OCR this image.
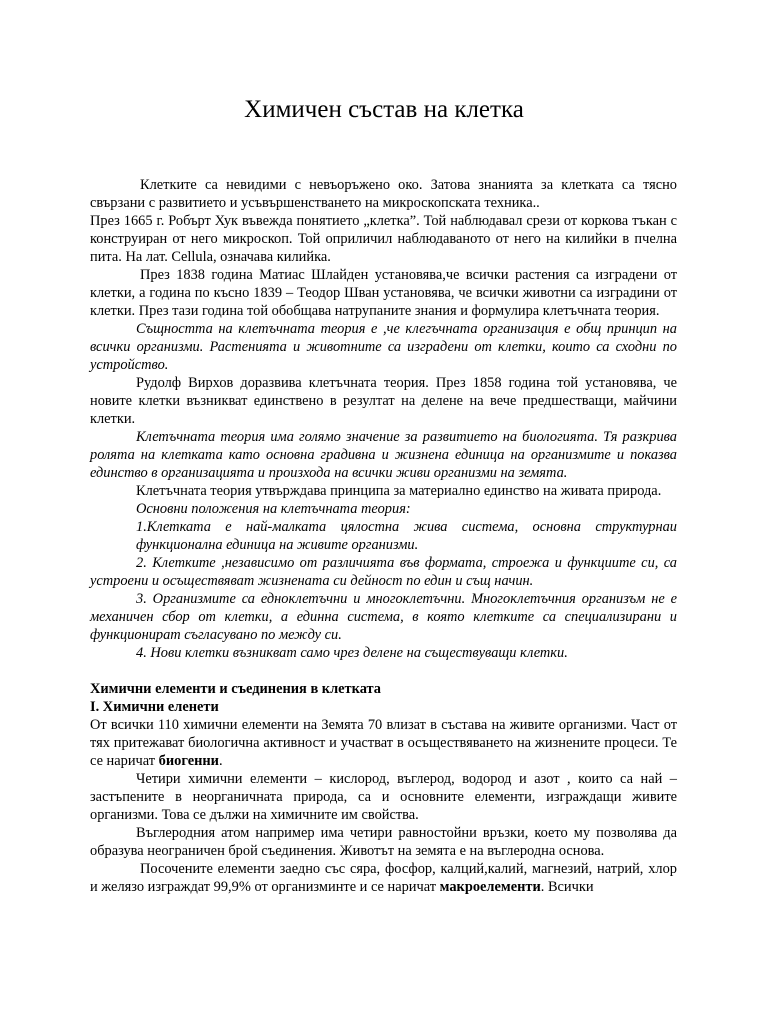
Химичен състав на клетка

Клетките са невидими с невъоръжено око. Затова знанията за клетката са тясно свързани с развитието и усъвършенстването на микроскопската техника..

През 1665 г. Робърт Хук въвежда понятието „клетка”. Той наблюдавал срези от коркова тъкан с конструиран от него микроскоп. Той оприличил наблюдаваното от него на килийки в пчелна пита. На лат. Cellula, означава килийка.

През 1838 година Матиас Шлайден установява,че всички растения са изградени от клетки, а година по късно 1839 – Теодор Шван установява, че всички животни са изградини от клетки. През тази година той обобщава натрупаните знания и формулира клетъчната теория.

Същността на клетъчната теория е ,че клегъчната организация е общ принцип на всички организми. Растенията и животните са изградени от клетки, които са сходни по устройство.

Рудолф Вирхов доразвива клетъчната теория. През 1858 година той установява, че новите клетки възникват единствено в резултат на делене на вече предшестващи, майчини клетки.

Клетъчната теория има голямо значение за развитието на биологията. Тя разкрива ролята на клетката като основна градивна и жизнена единица на организмите и показва единство в организацията и произхода на всички живи организми на земята.

Клетъчната теория утвърждава принципа за материално единство на живата природа.

Основни положения на клетъчната теория:

1.Клетката е най-малката цялостна жива система, основна структурнаи функционална единица на живите организми.

2. Клетките ,независимо от различията във формата, строежа и функциите си, са устроени и осъществяват жизнената си дейност по един и същ начин.

3. Организмите са едноклетъчни и многоклетъчни. Многоклетъчния организъм не е механичен сбор от клетки, а единна система, в която клетките са специализирани и функционират съгласувано по между си.

4. Нови клетки възникват само чрез делене на съществуващи клетки.

Химични елементи и съединения в клетката

I. Химични еленети

От всички 110 химични елементи на Земята 70 влизат в състава на живите организми. Част от тях притежават биологична активност и участват в осъществяването на жизнените процеси. Те се наричат биогенни.

Четири химични елементи – кислород, въглерод, водород и азот , които са най – застъпените в неорганичната природа, са и основните елементи, изграждащи живите организми. Това се дължи на химичните им свойства.

Въглеродния атом например има четири равностойни връзки, което му позволява да образува неограничен брой съединения. Животът на земята е на въглеродна основа.

Посочените елементи заедно със сяра, фосфор, калций,калий, магнезий, натрий, хлор и желязо изграждат 99,9% от организминте и се наричат макроелементи. Всички
